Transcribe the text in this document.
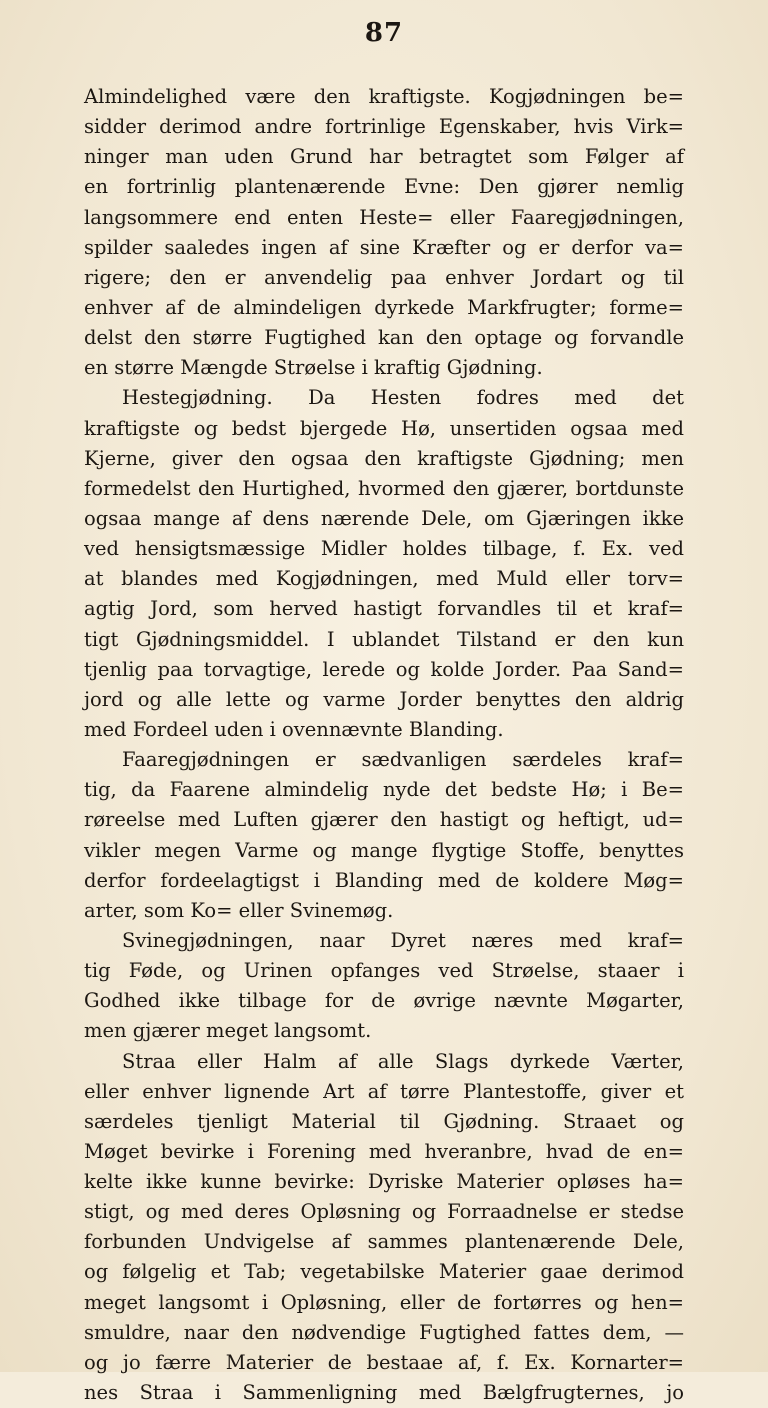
87
Almindelighed være den kraftigste. Kogjødningen be=
sidder derimod andre fortrinlige Egenskaber, hvis Virk=
ninger man uden Grund har betragtet som Følger af
en fortrinlig plantenærende Evne: Den gjører nemlig
langsommere end enten Heste= eller Faaregjødningen,
spilder saaledes ingen af sine Kræfter og er derfor va=
rigere; den er anvendelig paa enhver Jordart og til
enhver af de almindeligen dyrkede Markfrugter; forme=
delst den større Fugtighed kan den optage og forvandle
en større Mængde Strøelse i kraftig Gjødning.
Hestegjødning. Da Hesten fodres med det
kraftigste og bedst bjergede Hø, unsertiden ogsaa med
Kjerne, giver den ogsaa den kraftigste Gjødning; men
formedelst den Hurtighed, hvormed den gjærer, bortdunste
ogsaa mange af dens nærende Dele, om Gjæringen ikke
ved hensigtsmæssige Midler holdes tilbage, f. Ex. ved
at blandes med Kogjødningen, med Muld eller torv=
agtig Jord, som herved hastigt forvandles til et kraf=
tigt Gjødningsmiddel. I ublandet Tilstand er den kun
tjenlig paa torvagtige, lerede og kolde Jorder. Paa Sand=
jord og alle lette og varme Jorder benyttes den aldrig
med Fordeel uden i ovennævnte Blanding.
Faaregjødningen er sædvanligen særdeles kraf=
tig, da Faarene almindelig nyde det bedste Hø; i Be=
røreelse med Luften gjærer den hastigt og heftigt, ud=
vikler megen Varme og mange flygtige Stoffe, benyttes
derfor fordeelagtigst i Blanding med de koldere Møg=
arter, som Ko= eller Svinemøg.
Svinegjødningen, naar Dyret næres med kraf=
tig Føde, og Urinen opfanges ved Strøelse, staaer i
Godhed ikke tilbage for de øvrige nævnte Møgarter,
men gjærer meget langsomt.
Straa eller Halm af alle Slags dyrkede Værter,
eller enhver lignende Art af tørre Plantestoffe, giver et
særdeles tjenligt Material til Gjødning. Straaet og
Møget bevirke i Forening med hveranbre, hvad de en=
kelte ikke kunne bevirke: Dyriske Materier opløses ha=
stigt, og med deres Opløsning og Forraadnelse er stedse
forbunden Undvigelse af sammes plantenærende Dele,
og følgelig et Tab; vegetabilske Materier gaae derimod
meget langsomt i Opløsning, eller de fortørres og hen=
smuldre, naar den nødvendige Fugtighed fattes dem, —
og jo færre Materier de bestaae af, f. Ex. Kornarter=
nes Straa i Sammenligning med Bælgfrugternes, jo
